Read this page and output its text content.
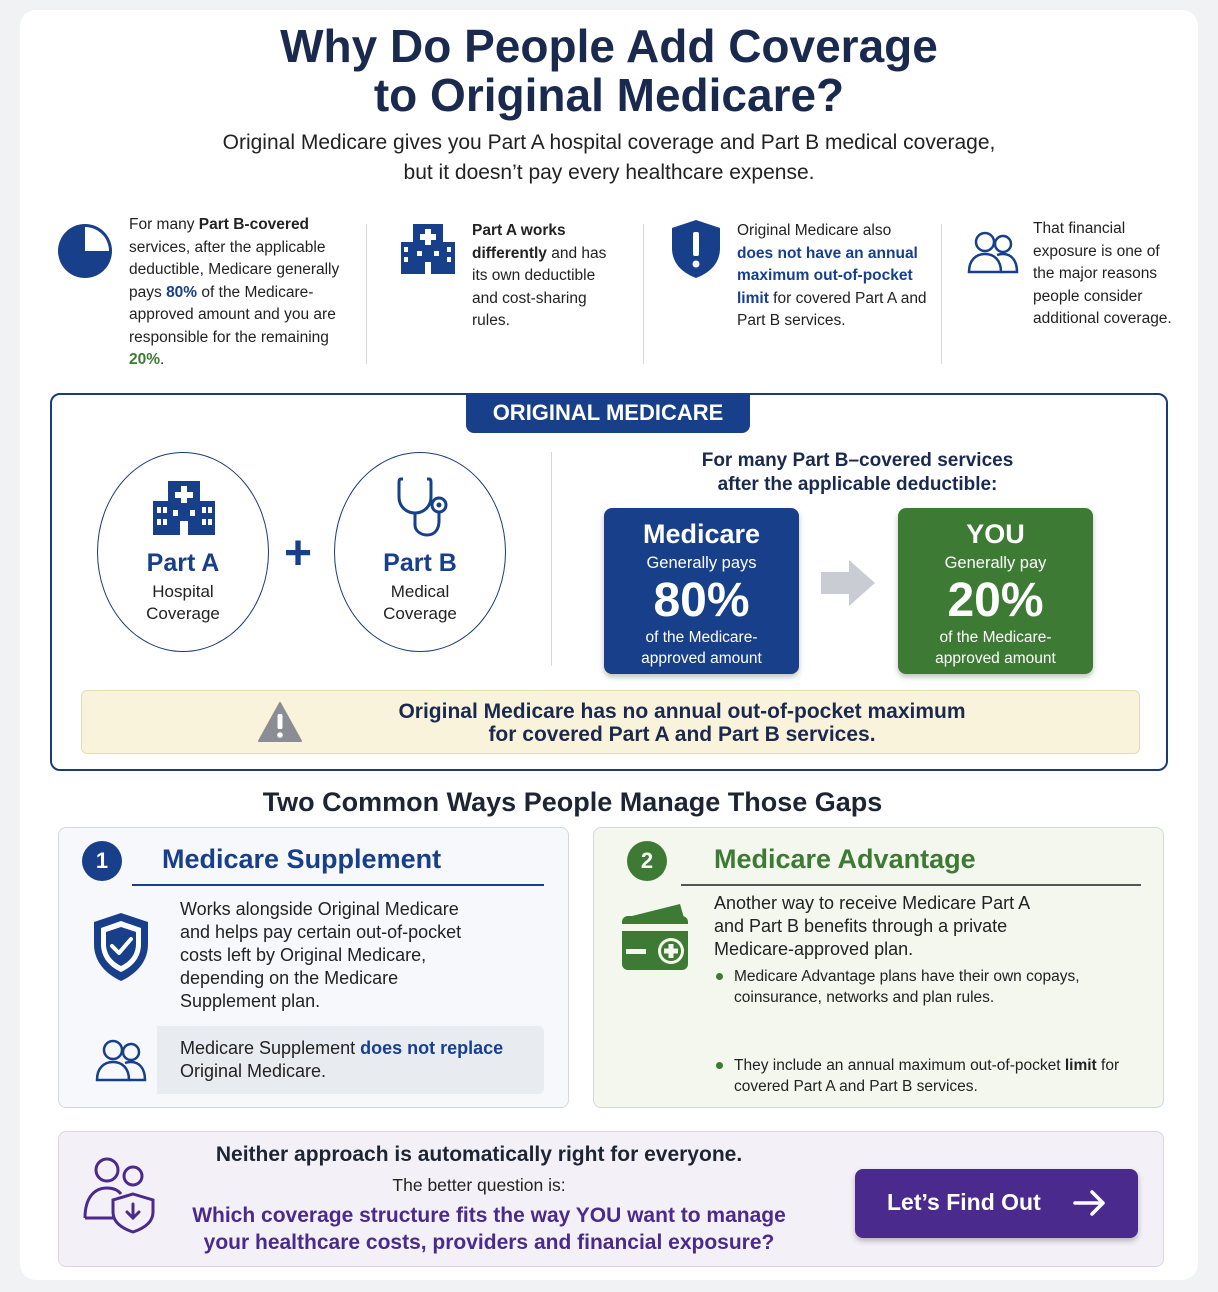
Why Do People Add Coverage
to Original Medicare?
Original Medicare gives you Part A hospital coverage and Part B medical coverage,
but it doesn’t pay every healthcare expense.
For many Part B-covered services, after the applicable deductible, Medicare generally pays 80% of the Medicare-approved amount and you are responsible for the remaining 20%.
Part A works differently and has its own deductible and cost-sharing rules.
Original Medicare also does not have an annual maximum out-of-pocket limit for covered Part A and Part B services.
That financial exposure is one of the major reasons people consider additional coverage.
ORIGINAL MEDICARE
Part A
Hospital
Coverage
+	Part B
Medical
Coverage
For many Part B–covered services
after the applicable deductible:
Medicare
Generally pays
80%
of the Medicare-
approved amount
YOU
Generally pay
20%
of the Medicare-
approved amount
Original Medicare has no annual out-of-pocket maximum
for covered Part A and Part B services.
Two Common Ways People Manage Those Gaps
1	Medicare Supplement
Works alongside Original Medicare
and helps pay certain out-of-pocket
costs left by Original Medicare,
depending on the Medicare
Supplement plan.
Medicare Supplement does not replace
Original Medicare.
2	Medicare Advantage
Another way to receive Medicare Part A
and Part B benefits through a private
Medicare-approved plan.
Medicare Advantage plans have their own copays, coinsurance, networks and plan rules.
They include an annual maximum out-of-pocket limit for covered Part A and Part B services.
Neither approach is automatically right for everyone.
The better question is:
Which coverage structure fits the way YOU want to manage
your healthcare costs, providers and financial exposure?
Let’s Find Out
